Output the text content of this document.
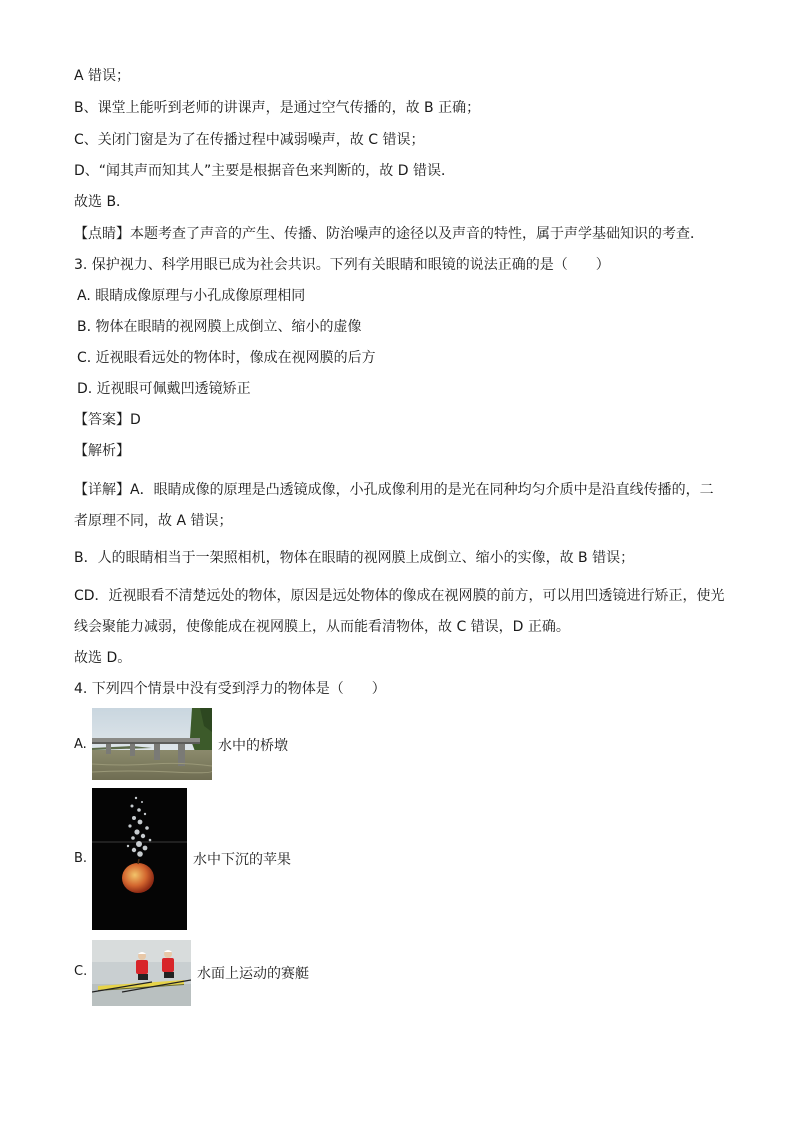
A 错误；
B、课堂上能听到老师的讲课声，是通过空气传播的，故 B 正确；
C、关闭门窗是为了在传播过程中减弱噪声，故 C 错误；
D、“闻其声而知其人”主要是根据音色来判断的，故 D 错误．
故选 B．
【点睛】本题考查了声音的产生、传播、防治噪声的途径以及声音的特性，属于声学基础知识的考查．
3. 保护视力、科学用眼已成为社会共识。下列有关眼睛和眼镜的说法正确的是（　　）
A. 眼睛成像原理与小孔成像原理相同
B. 物体在眼睛的视网膜上成倒立、缩小的虚像
C. 近视眼看远处的物体时，像成在视网膜的后方
D. 近视眼可佩戴凹透镜矫正
【答案】D
【解析】
【详解】A．眼睛成像的原理是凸透镜成像，小孔成像利用的是光在同种均匀介质中是沿直线传播的，二
者原理不同，故 A 错误；
B．人的眼睛相当于一架照相机，物体在眼睛的视网膜上成倒立、缩小的实像，故 B 错误；
CD．近视眼看不清楚远处的物体，原因是远处物体的像成在视网膜的前方，可以用凹透镜进行矫正，使光
线会聚能力减弱，使像能成在视网膜上，从而能看清物体，故 C 错误，D 正确。
故选 D。
4. 下列四个情景中没有受到浮力的物体是（　　）
A.	水中的桥墩
B.	水中下沉的苹果
C.	水面上运动的赛艇
